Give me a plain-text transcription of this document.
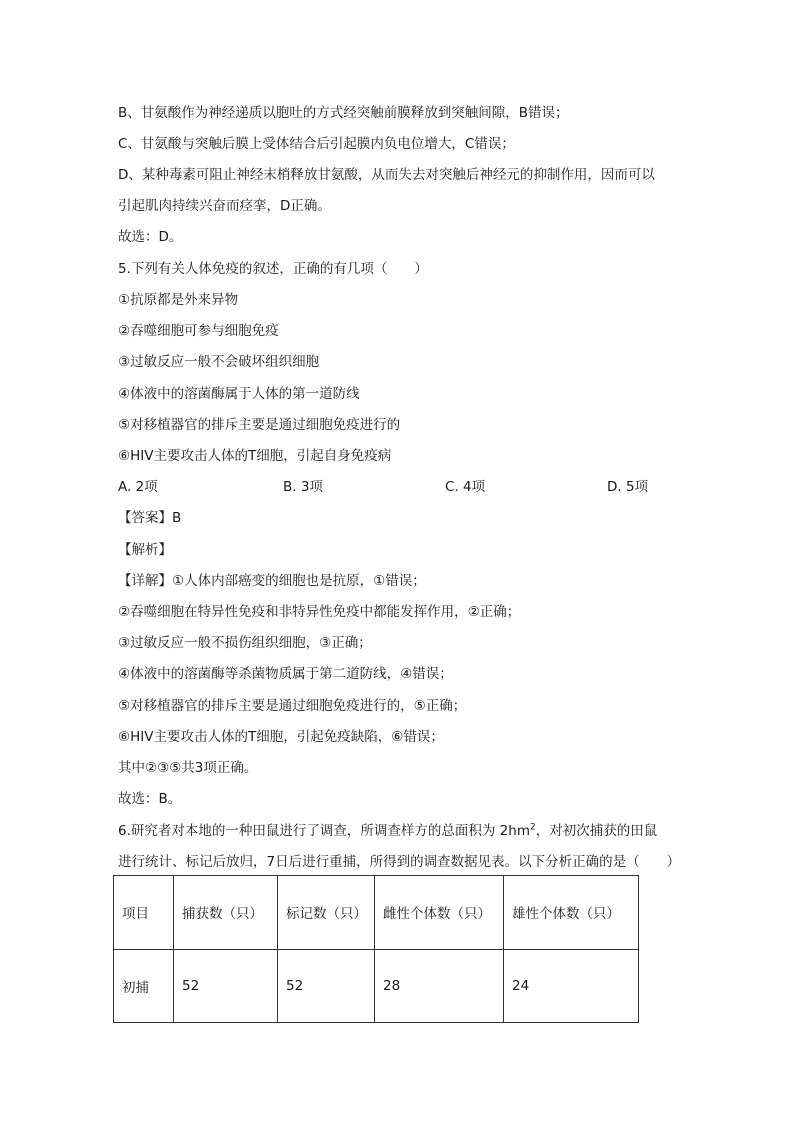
B、甘氨酸作为神经递质以胞吐的方式经突触前膜释放到突触间隙，B错误；
C、甘氨酸与突触后膜上受体结合后引起膜内负电位增大，C错误；
D、某种毒素可阻止神经末梢释放甘氨酸，从而失去对突触后神经元的抑制作用，因而可以
引起肌肉持续兴奋而痉挛，D正确。
故选：D。
5.下列有关人体免疫的叙述，正确的有几项（　　）
①抗原都是外来异物
②吞噬细胞可参与细胞免疫
③过敏反应一般不会破坏组织细胞
④体液中的溶菌酶属于人体的第一道防线
⑤对移植器官的排斥主要是通过细胞免疫进行的
⑥HIV主要攻击人体的T细胞，引起自身免疫病
A. 2项	B. 3项	C. 4项	D. 5项
【答案】B
【解析】
【详解】①人体内部癌变的细胞也是抗原，①错误；
②吞噬细胞在特异性免疫和非特异性免疫中都能发挥作用，②正确；
③过敏反应一般不损伤组织细胞，③正确；
④体液中的溶菌酶等杀菌物质属于第二道防线，④错误；
⑤对移植器官的排斥主要是通过细胞免疫进行的，⑤正确；
⑥HIV主要攻击人体的T细胞，引起免疫缺陷，⑥错误；
其中②③⑤共3项正确。
故选：B。
6.研究者对本地的一种田鼠进行了调查，所调查样方的总面积为 $2hm^2$，对初次捕获的田鼠
进行统计、标记后放归，7日后进行重捕，所得到的调查数据见表。以下分析正确的是（　　）
项目	捕获数（只）	标记数（只）	雌性个体数（只）	雄性个体数（只）
初捕	52	52	28	24
